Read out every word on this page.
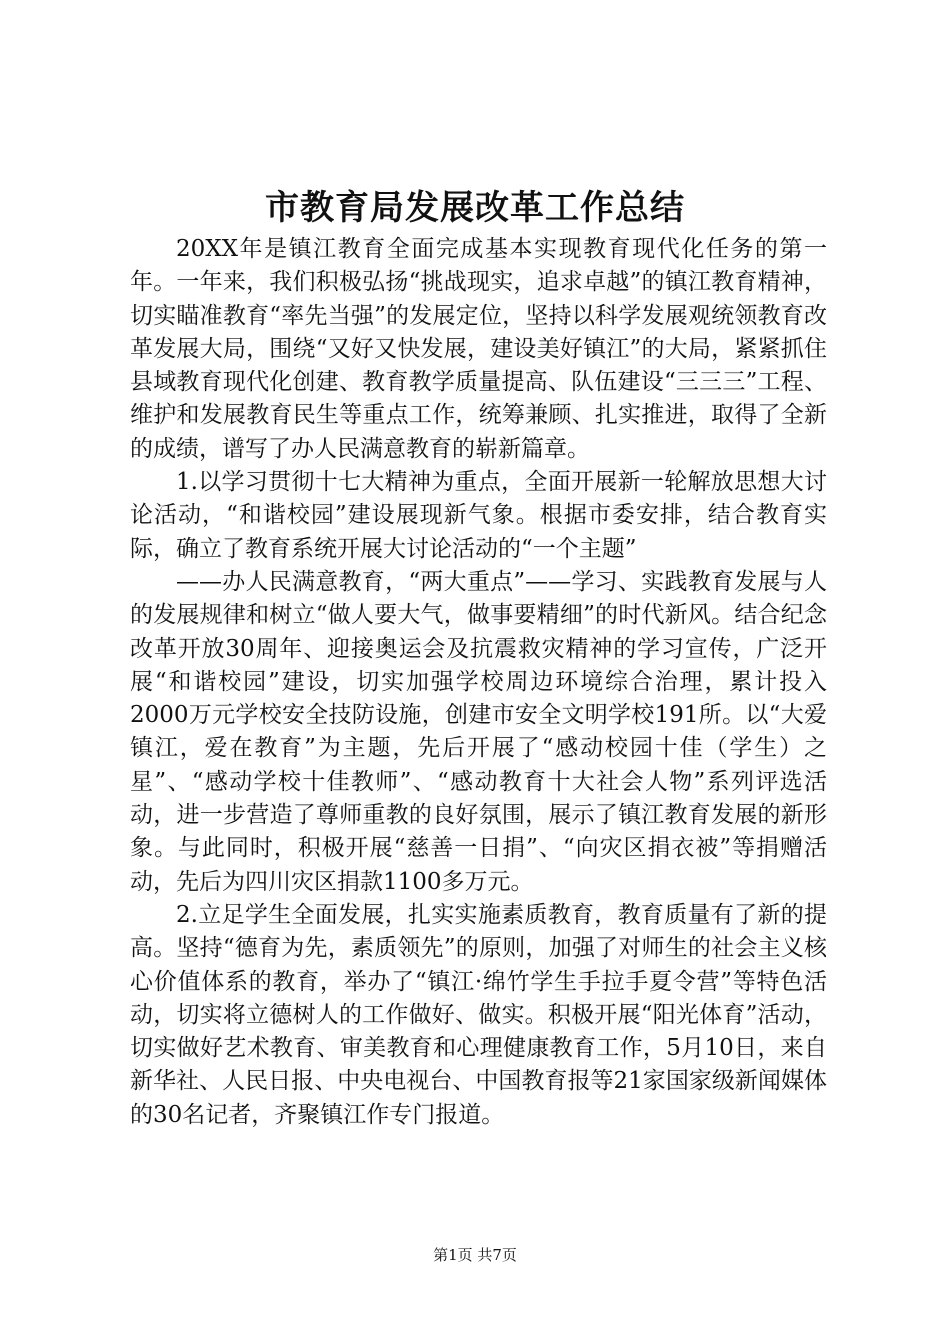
市教育局发展改革工作总结

20XX年是镇江教育全面完成基本实现教育现代化任务的第一年。一年来，我们积极弘扬“挑战现实，追求卓越”的镇江教育精神，切实瞄准教育“率先当强”的发展定位，坚持以科学发展观统领教育改革发展大局，围绕“又好又快发展，建设美好镇江”的大局，紧紧抓住县域教育现代化创建、教育教学质量提高、队伍建设“三三三”工程、维护和发展教育民生等重点工作，统筹兼顾、扎实推进，取得了全新的成绩，谱写了办人民满意教育的崭新篇章。

1.以学习贯彻十七大精神为重点，全面开展新一轮解放思想大讨论活动，“和谐校园”建设展现新气象。根据市委安排，结合教育实际，确立了教育系统开展大讨论活动的“一个主题”

——办人民满意教育，“两大重点”——学习、实践教育发展与人的发展规律和树立“做人要大气，做事要精细”的时代新风。结合纪念改革开放30周年、迎接奥运会及抗震救灾精神的学习宣传，广泛开展“和谐校园”建设，切实加强学校周边环境综合治理，累计投入2000万元学校安全技防设施，创建市安全文明学校191所。以“大爱镇江，爱在教育”为主题，先后开展了“感动校园十佳（学生）之星”、“感动学校十佳教师”、“感动教育十大社会人物”系列评选活动，进一步营造了尊师重教的良好氛围，展示了镇江教育发展的新形象。与此同时，积极开展“慈善一日捐”、“向灾区捐衣被”等捐赠活动，先后为四川灾区捐款1100多万元。

2.立足学生全面发展，扎实实施素质教育，教育质量有了新的提高。坚持“德育为先，素质领先”的原则，加强了对师生的社会主义核心价值体系的教育，举办了“镇江·绵竹学生手拉手夏令营”等特色活动，切实将立德树人的工作做好、做实。积极开展“阳光体育”活动，切实做好艺术教育、审美教育和心理健康教育工作，5月10日，来自新华社、人民日报、中央电视台、中国教育报等21家国家级新闻媒体的30名记者，齐聚镇江作专门报道。

第1页 共7页
